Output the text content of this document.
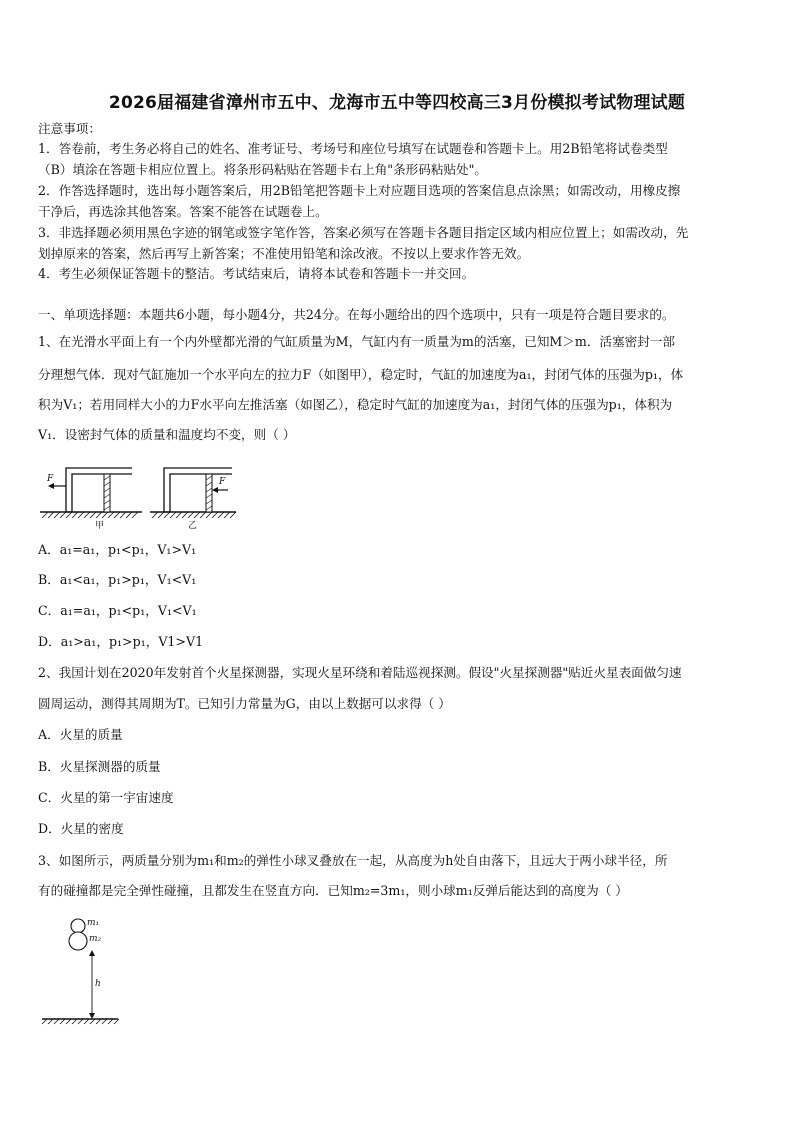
2026届福建省漳州市五中、龙海市五中等四校高三3月份模拟考试物理试题
注意事项：
1．答卷前，考生务必将自己的姓名、准考证号、考场号和座位号填写在试题卷和答题卡上。用2B铅笔将试卷类型
（B）填涂在答题卡相应位置上。将条形码粘贴在答题卡右上角"条形码粘贴处"。
2．作答选择题时，选出每小题答案后，用2B铅笔把答题卡上对应题目选项的答案信息点涂黑；如需改动，用橡皮擦
干净后，再选涂其他答案。答案不能答在试题卷上。
3．非选择题必须用黑色字迹的钢笔或签字笔作答，答案必须写在答题卡各题目指定区域内相应位置上；如需改动，先
划掉原来的答案，然后再写上新答案；不准使用铅笔和涂改液。不按以上要求作答无效。
4．考生必须保证答题卡的整洁。考试结束后，请将本试卷和答题卡一并交回。
一、单项选择题：本题共6小题，每小题4分，共24分。在每小题给出的四个选项中，只有一项是符合题目要求的。
1、在光滑水平面上有一个内外壁都光滑的气缸质量为M，气缸内有一质量为m的活塞，已知M＞m．活塞密封一部
分理想气体．现对气缸施加一个水平向左的拉力F（如图甲），稳定时，气缸的加速度为a₁，封闭气体的压强为p₁，体
积为V₁；若用同样大小的力F水平向左推活塞（如图乙），稳定时气缸的加速度为a₁，封闭气体的压强为p₁，体积为
V₁．设密封气体的质量和温度均不变，则（ ）
F
甲
F
乙
A．a₁=a₁，p₁<p₁，V₁>V₁
B．a₁<a₁，p₁>p₁，V₁<V₁
C．a₁=a₁，p₁<p₁，V₁<V₁
D．a₁>a₁，p₁>p₁，V1>V1
2、我国计划在2020年发射首个火星探测器，实现火星环绕和着陆巡视探测。假设"火星探测器"贴近火星表面做匀速
圆周运动，测得其周期为T。已知引力常量为G，由以上数据可以求得（ ）
A．火星的质量
B．火星探测器的质量
C．火星的第一宇宙速度
D．火星的密度
3、如图所示，两质量分别为m₁和m₂的弹性小球叉叠放在一起，从高度为h处自由落下，且远大于两小球半径，所
有的碰撞都是完全弹性碰撞，且都发生在竖直方向．已知m₂=3m₁，则小球m₁反弹后能达到的高度为（ ）
m₁
m₂
h
